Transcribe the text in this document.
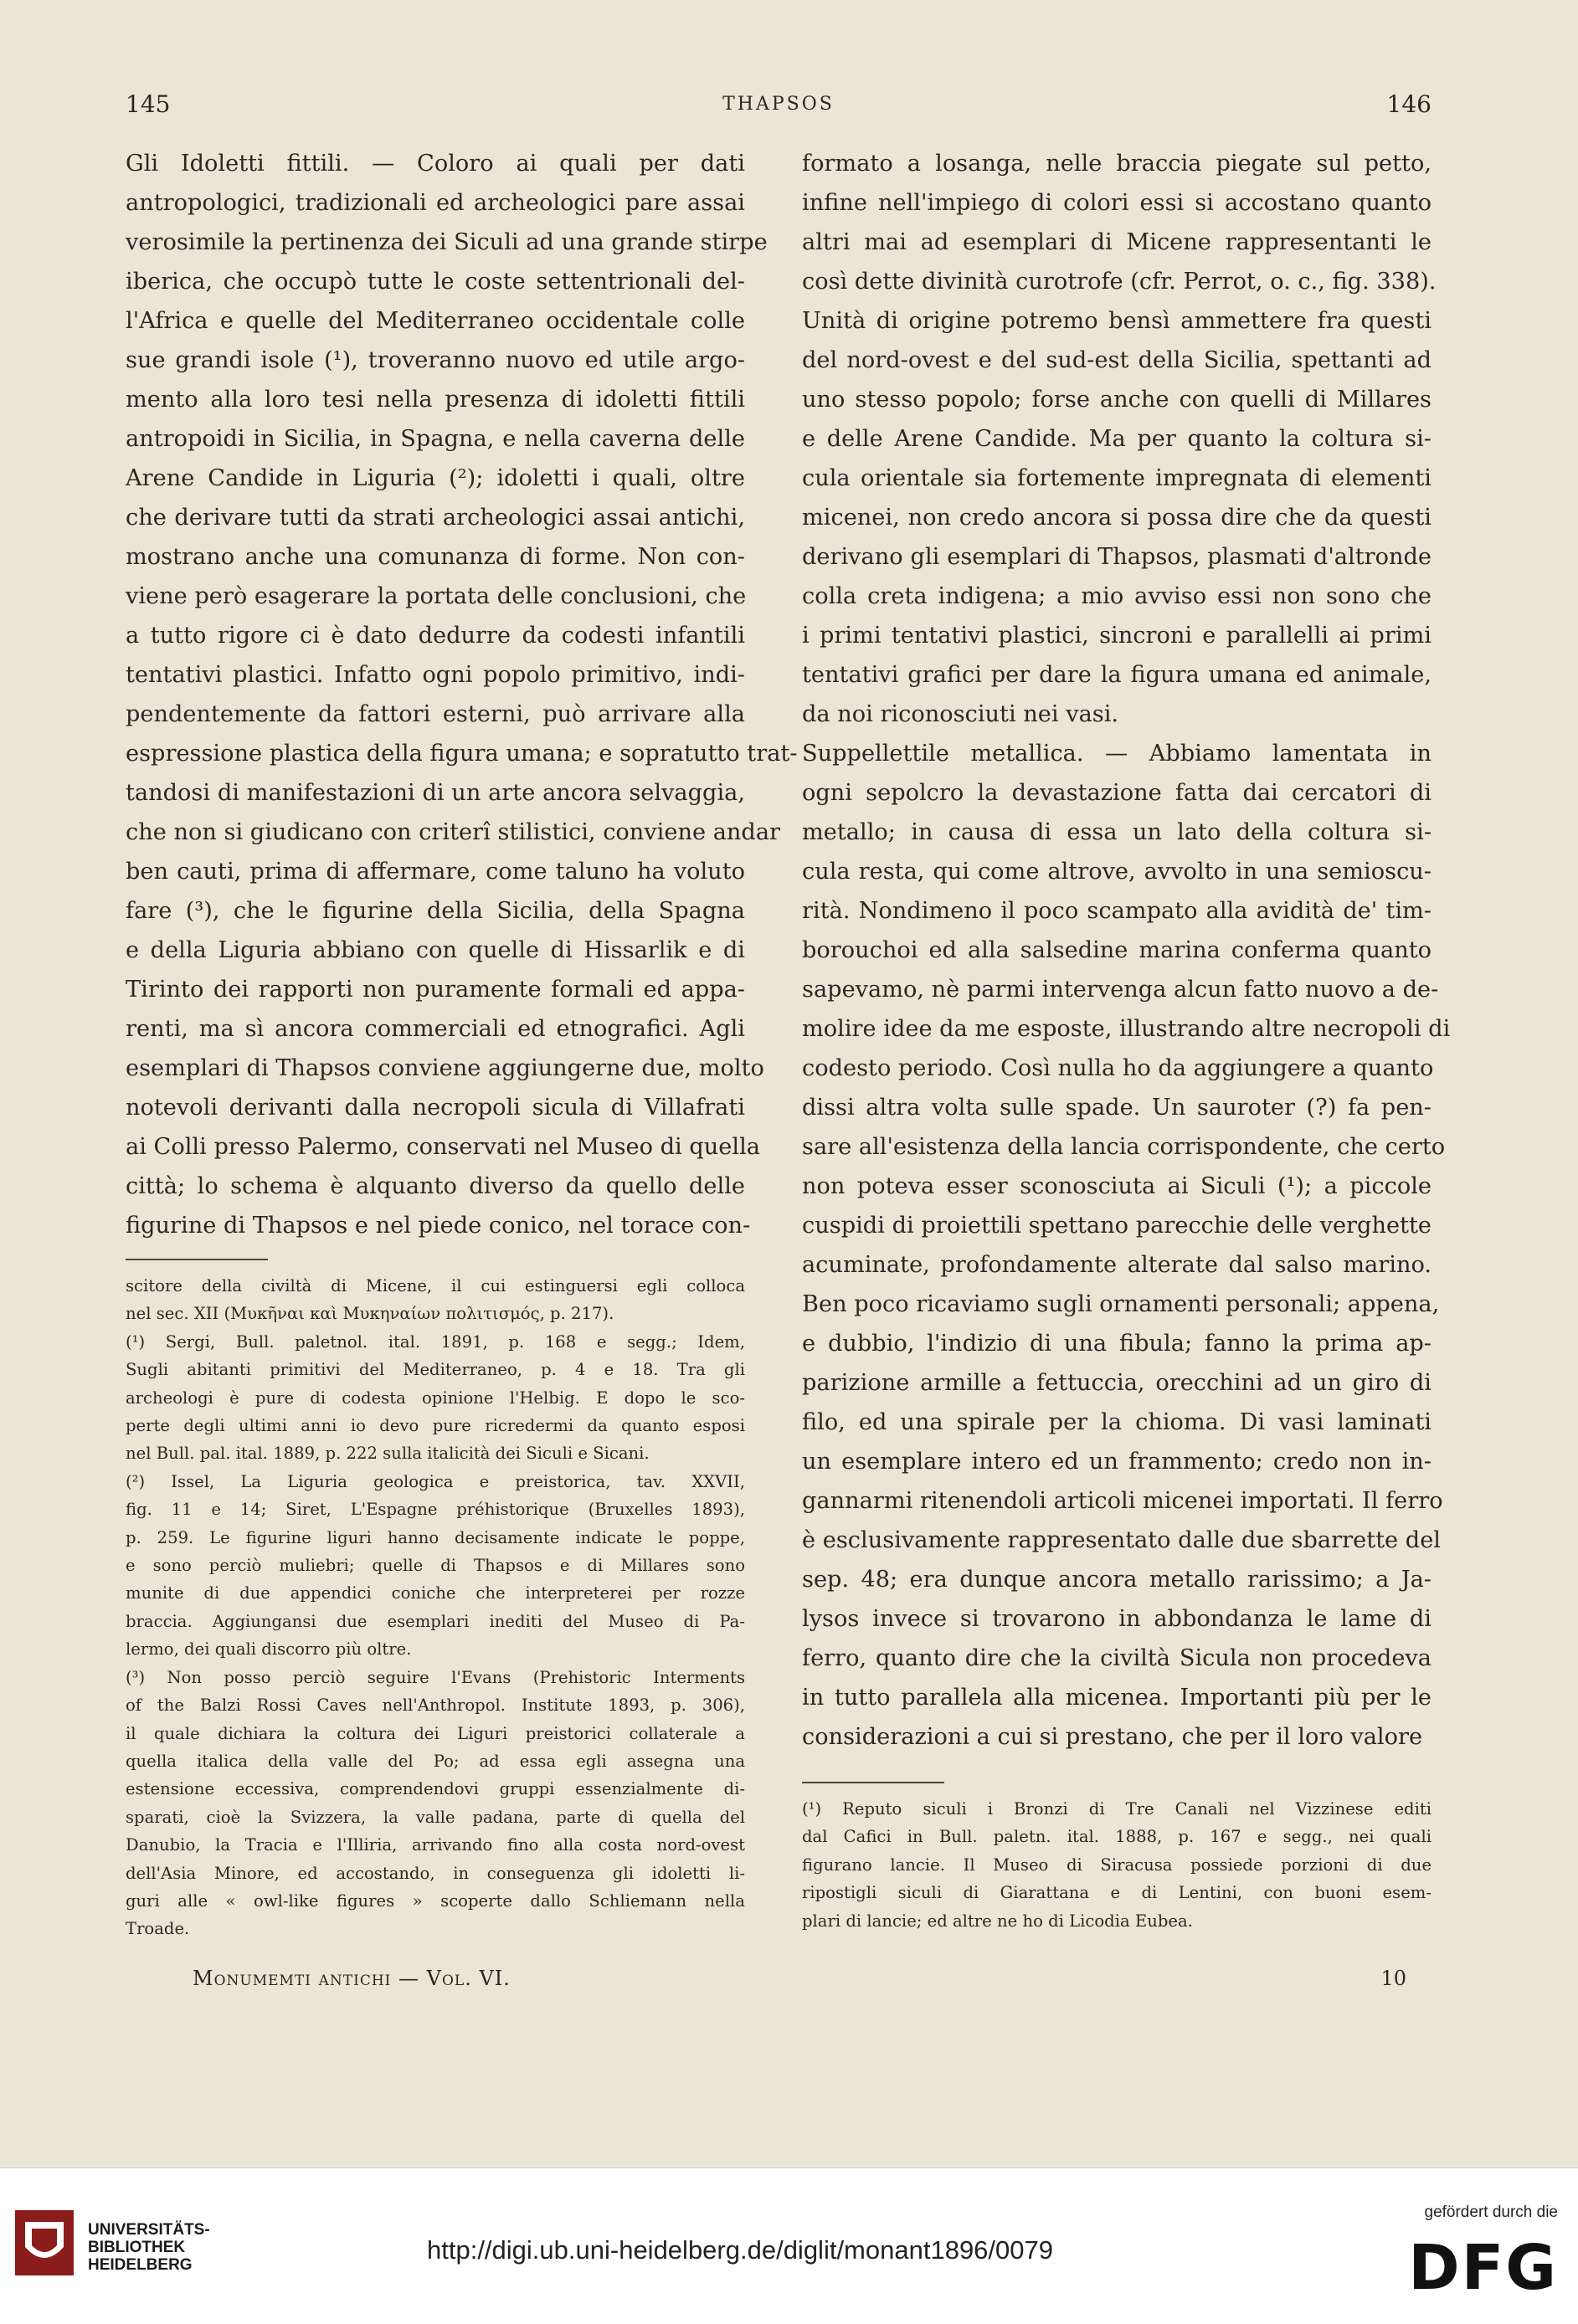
145	THAPSOS	146
Gli Idoletti fittili. — Coloro ai quali per dati
antropologici, tradizionali ed archeologici pare assai
verosimile la pertinenza dei Siculi ad una grande stirpe
iberica, che occupò tutte le coste settentrionali del-
l'Africa e quelle del Mediterraneo occidentale colle
sue grandi isole (¹), troveranno nuovo ed utile argo-
mento alla loro tesi nella presenza di idoletti fittili
antropoidi in Sicilia, in Spagna, e nella caverna delle
Arene Candide in Liguria (²); idoletti i quali, oltre
che derivare tutti da strati archeologici assai antichi,
mostrano anche una comunanza di forme. Non con-
viene però esagerare la portata delle conclusioni, che
a tutto rigore ci è dato dedurre da codesti infantili
tentativi plastici. Infatto ogni popolo primitivo, indi-
pendentemente da fattori esterni, può arrivare alla
espressione plastica della figura umana; e sopratutto trat-
tandosi di manifestazioni di un arte ancora selvaggia,
che non si giudicano con criterî stilistici, conviene andar
ben cauti, prima di affermare, come taluno ha voluto
fare (³), che le figurine della Sicilia, della Spagna
e della Liguria abbiano con quelle di Hissarlik e di
Tirinto dei rapporti non puramente formali ed appa-
renti, ma sì ancora commerciali ed etnografici. Agli
esemplari di Thapsos conviene aggiungerne due, molto
notevoli derivanti dalla necropoli sicula di Villafrati
ai Colli presso Palermo, conservati nel Museo di quella
città; lo schema è alquanto diverso da quello delle
figurine di Thapsos e nel piede conico, nel torace con-
scitore della civiltà di Micene, il cui estinguersi egli colloca
nel sec. XII (Μυκῆναι καὶ Μυκηναίων πολιτισμός, p. 217).
(¹) Sergi, Bull. paletnol. ital. 1891, p. 168 e segg.; Idem,
Sugli abitanti primitivi del Mediterraneo, p. 4 e 18. Tra gli
archeologi è pure di codesta opinione l'Helbig. E dopo le sco-
perte degli ultimi anni io devo pure ricredermi da quanto esposi
nel Bull. pal. ital. 1889, p. 222 sulla italicità dei Siculi e Sicani.
(²) Issel, La Liguria geologica e preistorica, tav. XXVII,
fig. 11 e 14; Siret, L'Espagne préhistorique (Bruxelles 1893),
p. 259. Le figurine liguri hanno decisamente indicate le poppe,
e sono perciò muliebri; quelle di Thapsos e di Millares sono
munite di due appendici coniche che interpreterei per rozze
braccia. Aggiungansi due esemplari inediti del Museo di Pa-
lermo, dei quali discorro più oltre.
(³) Non posso perciò seguire l'Evans (Prehistoric Interments
of the Balzi Rossi Caves nell'Anthropol. Institute 1893, p. 306),
il quale dichiara la coltura dei Liguri preistorici collaterale a
quella italica della valle del Po; ad essa egli assegna una
estensione eccessiva, comprendendovi gruppi essenzialmente di-
sparati, cioè la Svizzera, la valle padana, parte di quella del
Danubio, la Tracia e l'Illiria, arrivando fino alla costa nord-ovest
dell'Asia Minore, ed accostando, in conseguenza gli idoletti li-
guri alle « owl-like figures » scoperte dallo Schliemann nella
Troade.
formato a losanga, nelle braccia piegate sul petto,
infine nell'impiego di colori essi si accostano quanto
altri mai ad esemplari di Micene rappresentanti le
così dette divinità curotrofe (cfr. Perrot, o. c., fig. 338).
Unità di origine potremo bensì ammettere fra questi
del nord-ovest e del sud-est della Sicilia, spettanti ad
uno stesso popolo; forse anche con quelli di Millares
e delle Arene Candide. Ma per quanto la coltura si-
cula orientale sia fortemente impregnata di elementi
micenei, non credo ancora si possa dire che da questi
derivano gli esemplari di Thapsos, plasmati d'altronde
colla creta indigena; a mio avviso essi non sono che
i primi tentativi plastici, sincroni e parallelli ai primi
tentativi grafici per dare la figura umana ed animale,
da noi riconosciuti nei vasi.
Suppellettile metallica. — Abbiamo lamentata in
ogni sepolcro la devastazione fatta dai cercatori di
metallo; in causa di essa un lato della coltura si-
cula resta, qui come altrove, avvolto in una semioscu-
rità. Nondimeno il poco scampato alla avidità de' tim-
borouchoi ed alla salsedine marina conferma quanto
sapevamo, nè parmi intervenga alcun fatto nuovo a de-
molire idee da me esposte, illustrando altre necropoli di
codesto periodo. Così nulla ho da aggiungere a quanto
dissi altra volta sulle spade. Un sauroter (?) fa pen-
sare all'esistenza della lancia corrispondente, che certo
non poteva esser sconosciuta ai Siculi (¹); a piccole
cuspidi di proiettili spettano parecchie delle verghette
acuminate, profondamente alterate dal salso marino.
Ben poco ricaviamo sugli ornamenti personali; appena,
e dubbio, l'indizio di una fibula; fanno la prima ap-
parizione armille a fettuccia, orecchini ad un giro di
filo, ed una spirale per la chioma. Di vasi laminati
un esemplare intero ed un frammento; credo non in-
gannarmi ritenendoli articoli micenei importati. Il ferro
è esclusivamente rappresentato dalle due sbarrette del
sep. 48; era dunque ancora metallo rarissimo; a Ja-
lysos invece si trovarono in abbondanza le lame di
ferro, quanto dire che la civiltà Sicula non procedeva
in tutto parallela alla micenea. Importanti più per le
considerazioni a cui si prestano, che per il loro valore
(¹) Reputo siculi i Bronzi di Tre Canali nel Vizzinese editi
dal Cafici in Bull. paletn. ital. 1888, p. 167 e segg., nei quali
figurano lancie. Il Museo di Siracusa possiede porzioni di due
ripostigli siculi di Giarattana e di Lentini, con buoni esem-
plari di lancie; ed altre ne ho di Licodia Eubea.
Monumemti antichi — Vol. VI.	10
UNIVERSITÄTS-
BIBLIOTHEK
HEIDELBERG
http://digi.ub.uni-heidelberg.de/diglit/monant1896/0079
gefördert durch die
DFG
